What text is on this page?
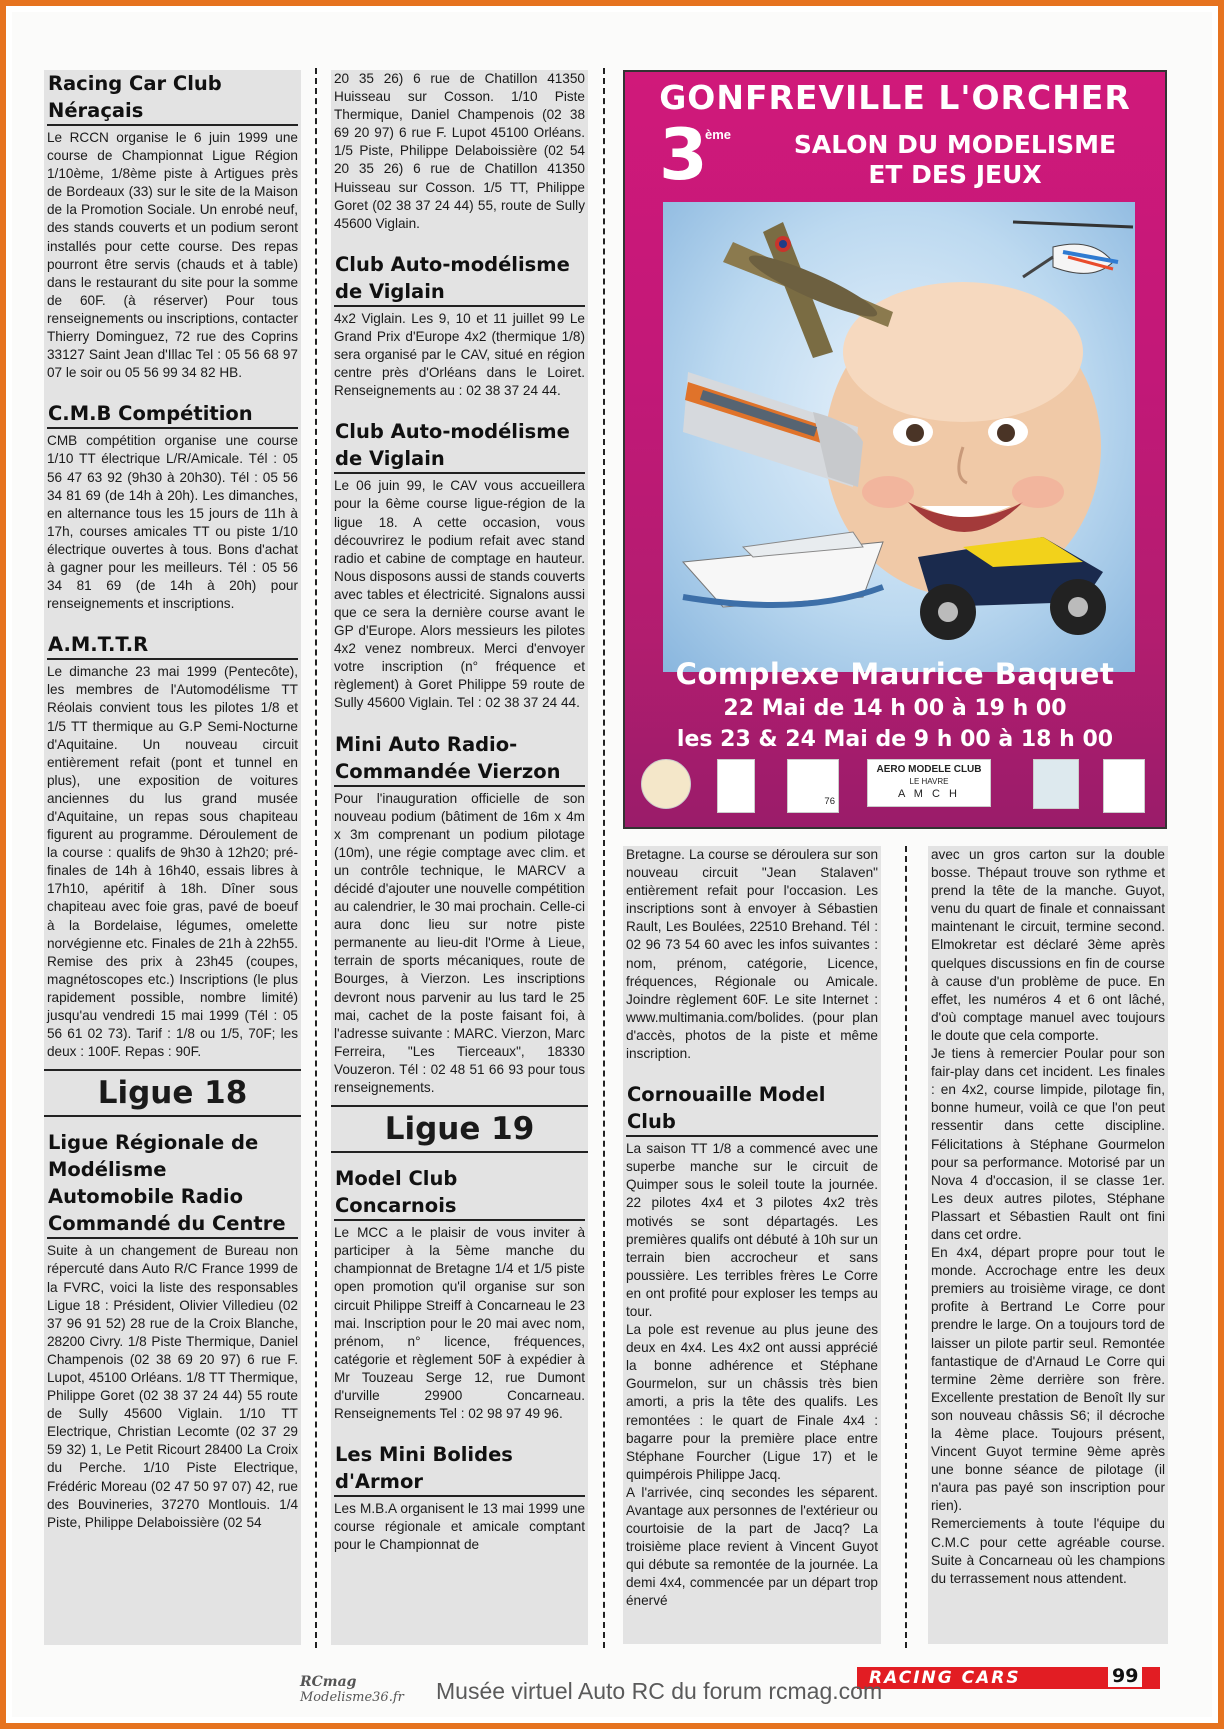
Racing Car Club Néraçais

Le RCCN organise le 6 juin 1999 une course de Championnat Ligue Région 1/10ème, 1/8ème piste à Artigues près de Bordeaux (33) sur le site de la Maison de la Promotion Sociale. Un enrobé neuf, des stands couverts et un podium seront installés pour cette course. Des repas pourront être servis (chauds et à table) dans le restaurant du site pour la somme de 60F. (à réserver) Pour tous renseignements ou inscriptions, contacter Thierry Dominguez, 72 rue des Coprins 33127 Saint Jean d'Illac Tel : 05 56 68 97 07 le soir ou 05 56 99 34 82 HB.

C.M.B Compétition

CMB compétition organise une course 1/10 TT électrique L/R/Amicale. Tél : 05 56 47 63 92 (9h30 à 20h30). Tél : 05 56 34 81 69 (de 14h à 20h). Les dimanches, en alternance tous les 15 jours de 11h à 17h, courses amicales TT ou piste 1/10 électrique ouvertes à tous. Bons d'achat à gagner pour les meilleurs. Tél : 05 56 34 81 69 (de 14h à 20h) pour renseignements et inscriptions.

A.M.T.T.R

Le dimanche 23 mai 1999 (Pentecôte), les membres de l'Automodélisme TT Réolais convient tous les pilotes 1/8 et 1/5 TT thermique au G.P Semi-Nocturne d'Aquitaine. Un nouveau circuit entièrement refait (pont et tunnel en plus), une exposition de voitures anciennes du lus grand musée d'Aquitaine, un repas sous chapiteau figurent au programme. Déroulement de la course : qualifs de 9h30 à 12h20; pré-finales de 14h à 16h40, essais libres à 17h10, apéritif à 18h. Dîner sous chapiteau avec foie gras, pavé de boeuf à la Bordelaise, légumes, omelette norvégienne etc. Finales de 21h à 22h55. Remise des prix à 23h45 (coupes, magnétoscopes etc.) Inscriptions (le plus rapidement possible, nombre limité) jusqu'au vendredi 15 mai 1999 (Tél : 05 56 61 02 73). Tarif : 1/8 ou 1/5, 70F; les deux : 100F. Repas : 90F.

Ligue 18
Ligue Régionale de Modélisme Automobile Radio Commandé du Centre

Suite à un changement de Bureau non répercuté dans Auto R/C France 1999 de la FVRC, voici la liste des responsables Ligue 18 : Président, Olivier Villedieu (02 37 96 91 52) 28 rue de la Croix Blanche, 28200 Civry. 1/8 Piste Thermique, Daniel Champenois (02 38 69 20 97) 6 rue F. Lupot, 45100 Orléans. 1/8 TT Thermique, Philippe Goret (02 38 37 24 44) 55 route de Sully 45600 Viglain. 1/10 TT Electrique, Christian Lecomte (02 37 29 59 32) 1, Le Petit Ricourt 28400 La Croix du Perche. 1/10 Piste Electrique, Frédéric Moreau (02 47 50 97 07) 42, rue des Bouvineries, 37270 Montlouis. 1/4 Piste, Philippe Delaboissière (02 54

20 35 26) 6 rue de Chatillon 41350 Huisseau sur Cosson. 1/10 Piste Thermique, Daniel Champenois (02 38 69 20 97) 6 rue F. Lupot 45100 Orléans. 1/5 Piste, Philippe Delaboissière (02 54 20 35 26) 6 rue de Chatillon 41350 Huisseau sur Cosson. 1/5 TT, Philippe Goret (02 38 37 24 44) 55, route de Sully 45600 Viglain.

Club Auto-modélisme de Viglain

4x2 Viglain. Les 9, 10 et 11 juillet 99 Le Grand Prix d'Europe 4x2 (thermique 1/8) sera organisé par le CAV, situé en région centre près d'Orléans dans le Loiret. Renseignements au : 02 38 37 24 44.

Club Auto-modélisme de Viglain

Le 06 juin 99, le CAV vous accueillera pour la 6ème course ligue-région de la ligue 18. A cette occasion, vous découvrirez le podium refait avec stand radio et cabine de comptage en hauteur. Nous disposons aussi de stands couverts avec tables et électricité. Signalons aussi que ce sera la dernière course avant le GP d'Europe. Alors messieurs les pilotes 4x2 venez nombreux. Merci d'envoyer votre inscription (n° fréquence et règlement) à Goret Philippe 59 route de Sully 45600 Viglain. Tel : 02 38 37 24 44.

Mini Auto Radio-Commandée Vierzon

Pour l'inauguration officielle de son nouveau podium (bâtiment de 16m x 4m x 3m comprenant un podium pilotage (10m), une régie comptage avec clim. et un contrôle technique, le MARCV a décidé d'ajouter une nouvelle compétition au calendrier, le 30 mai prochain. Celle-ci aura donc lieu sur notre piste permanente au lieu-dit l'Orme à Lieue, terrain de sports mécaniques, route de Bourges, à Vierzon. Les inscriptions devront nous parvenir au lus tard le 25 mai, cachet de la poste faisant foi, à l'adresse suivante : MARC. Vierzon, Marc Ferreira, "Les Tierceaux", 18330 Vouzeron. Tél : 02 48 51 66 93 pour tous renseignements.

Ligue 19
Model Club Concarnois

Le MCC a le plaisir de vous inviter à participer à la 5ème manche du championnat de Bretagne 1/4 et 1/5 piste open promotion qu'il organise sur son circuit Philippe Streiff à Concarneau le 23 mai. Inscription pour le 20 mai avec nom, prénom, n° licence, fréquences, catégorie et règlement 50F à expédier à Mr Touzeau Serge 12, rue Dumont d'urville 29900 Concarneau. Renseignements Tel : 02 98 97 49 96.

Les Mini Bolides d'Armor

Les M.B.A organisent le 13 mai 1999 une course régionale et amicale comptant pour le Championnat de

GONFREVILLE L'ORCHER
3
ème	SALON DU MODELISME
ET DES JEUX
Complexe Maurice Baquet
22 Mai de 14 h 00 à 19 h 00
les 23 & 24 Mai de 9 h 00 à 18 h 00
76
AERO MODELE CLUB
LE HAVRE
A M C H

Bretagne. La course se déroulera sur son nouveau circuit "Jean Stalaven" entièrement refait pour l'occasion. Les inscriptions sont à envoyer à Sébastien Rault, Les Boulées, 22510 Brehand. Tél : 02 96 73 54 60 avec les infos suivantes : nom, prénom, catégorie, Licence, fréquences, Régionale ou Amicale. Joindre règlement 60F. Le site Internet : www.multimania.com/bolides. (pour plan d'accès, photos de la piste et même inscription.

Cornouaille Model Club

La saison TT 1/8 a commencé avec une superbe manche sur le circuit de Quimper sous le soleil toute la journée. 22 pilotes 4x4 et 3 pilotes 4x2 très motivés se sont départagés. Les premières qualifs ont débuté à 10h sur un terrain bien accrocheur et sans poussière. Les terribles frères Le Corre en ont profité pour exploser les temps au tour.

La pole est revenue au plus jeune des deux en 4x4. Les 4x2 ont aussi apprécié la bonne adhérence et Stéphane Gourmelon, sur un châssis très bien amorti, a pris la tête des qualifs. Les remontées : le quart de Finale 4x4 : bagarre pour la première place entre Stéphane Fourcher (Ligue 17) et le quimpérois Philippe Jacq.

A l'arrivée, cinq secondes les séparent. Avantage aux personnes de l'extérieur ou courtoisie de la part de Jacq? La troisième place revient à Vincent Guyot qui débute sa remontée de la journée. La demi 4x4, commencée par un départ trop énervé

avec un gros carton sur la double bosse. Thépaut trouve son rythme et prend la tête de la manche. Guyot, venu du quart de finale et connaissant maintenant le circuit, termine second. Elmokretar est déclaré 3ème après quelques discussions en fin de course à cause d'un problème de puce. En effet, les numéros 4 et 6 ont lâché, d'où comptage manuel avec toujours le doute que cela comporte.

Je tiens à remercier Poular pour son fair-play dans cet incident. Les finales : en 4x2, course limpide, pilotage fin, bonne humeur, voilà ce que l'on peut ressentir dans cette discipline. Félicitations à Stéphane Gourmelon pour sa performance. Motorisé par un Nova 4 d'occasion, il se classe 1er. Les deux autres pilotes, Stéphane Plassart et Sébastien Rault ont fini dans cet ordre.

En 4x4, départ propre pour tout le monde. Accrochage entre les deux premiers au troisième virage, ce dont profite à Bertrand Le Corre pour prendre le large. On a toujours tord de laisser un pilote partir seul. Remontée fantastique de d'Arnaud Le Corre qui termine 2ème derrière son frère. Excellente prestation de Benoît Ily sur son nouveau châssis S6; il décroche la 4ème place. Toujours présent, Vincent Guyot termine 9ème après une bonne séance de pilotage (il n'aura pas payé son inscription pour rien).

Remerciements à toute l'équipe du C.M.C pour cette agréable course. Suite à Concarneau où les champions du terrassement nous attendent.

RACING CARS	99
RCmag
Modelisme36.fr Musée virtuel Auto RC du forum rcmag.com
